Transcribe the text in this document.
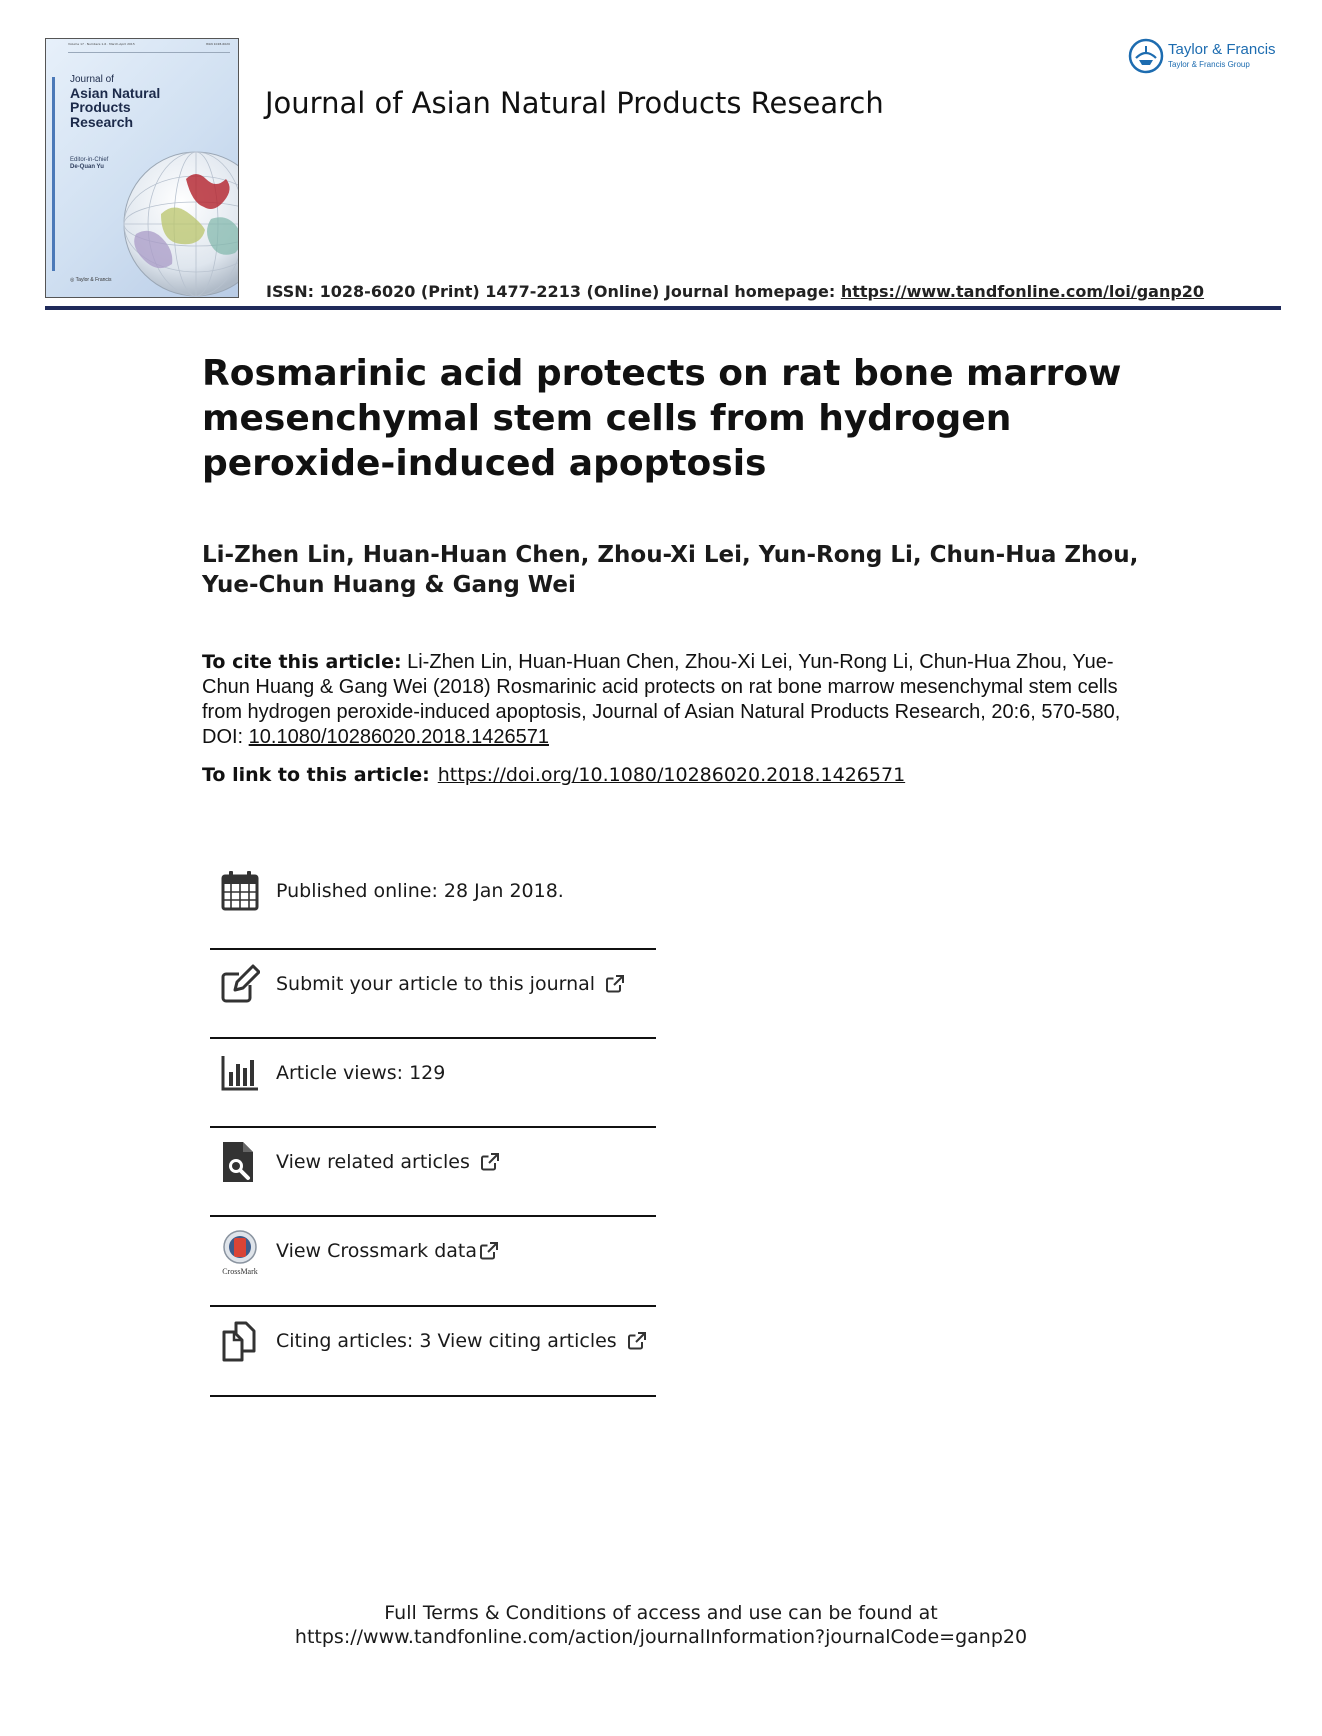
Volume 17 · Numbers 1-6 · March-April 2015	ISSN 1028-6020
Journal of
Asian Natural
Products
Research
Editor-in-Chief
De-Quan Yu
◎ Taylor & Francis
Taylor & Francis
Taylor & Francis Group
Journal of Asian Natural Products Research
ISSN: 1028-6020 (Print) 1477-2213 (Online) Journal homepage: https://www.tandfonline.com/loi/ganp20
Rosmarinic acid protects on rat bone marrow mesenchymal stem cells from hydrogen peroxide-induced apoptosis

Li-Zhen Lin, Huan-Huan Chen, Zhou-Xi Lei, Yun-Rong Li, Chun-Hua Zhou, Yue-Chun Huang & Gang Wei

To cite this article: Li-Zhen Lin, Huan-Huan Chen, Zhou-Xi Lei, Yun-Rong Li, Chun-Hua Zhou, Yue-Chun Huang & Gang Wei (2018) Rosmarinic acid protects on rat bone marrow mesenchymal stem cells from hydrogen peroxide-induced apoptosis, Journal of Asian Natural Products Research, 20:6, 570-580, DOI: 10.1080/10286020.2018.1426571

To link to this article: https://doi.org/10.1080/10286020.2018.1426571
Published online: 28 Jan 2018.
Submit your article to this journal
Article views: 129
View related articles
CrossMark
View Crossmark data
Citing articles: 3 View citing articles
Full Terms & Conditions of access and use can be found at
https://www.tandfonline.com/action/journalInformation?journalCode=ganp20
